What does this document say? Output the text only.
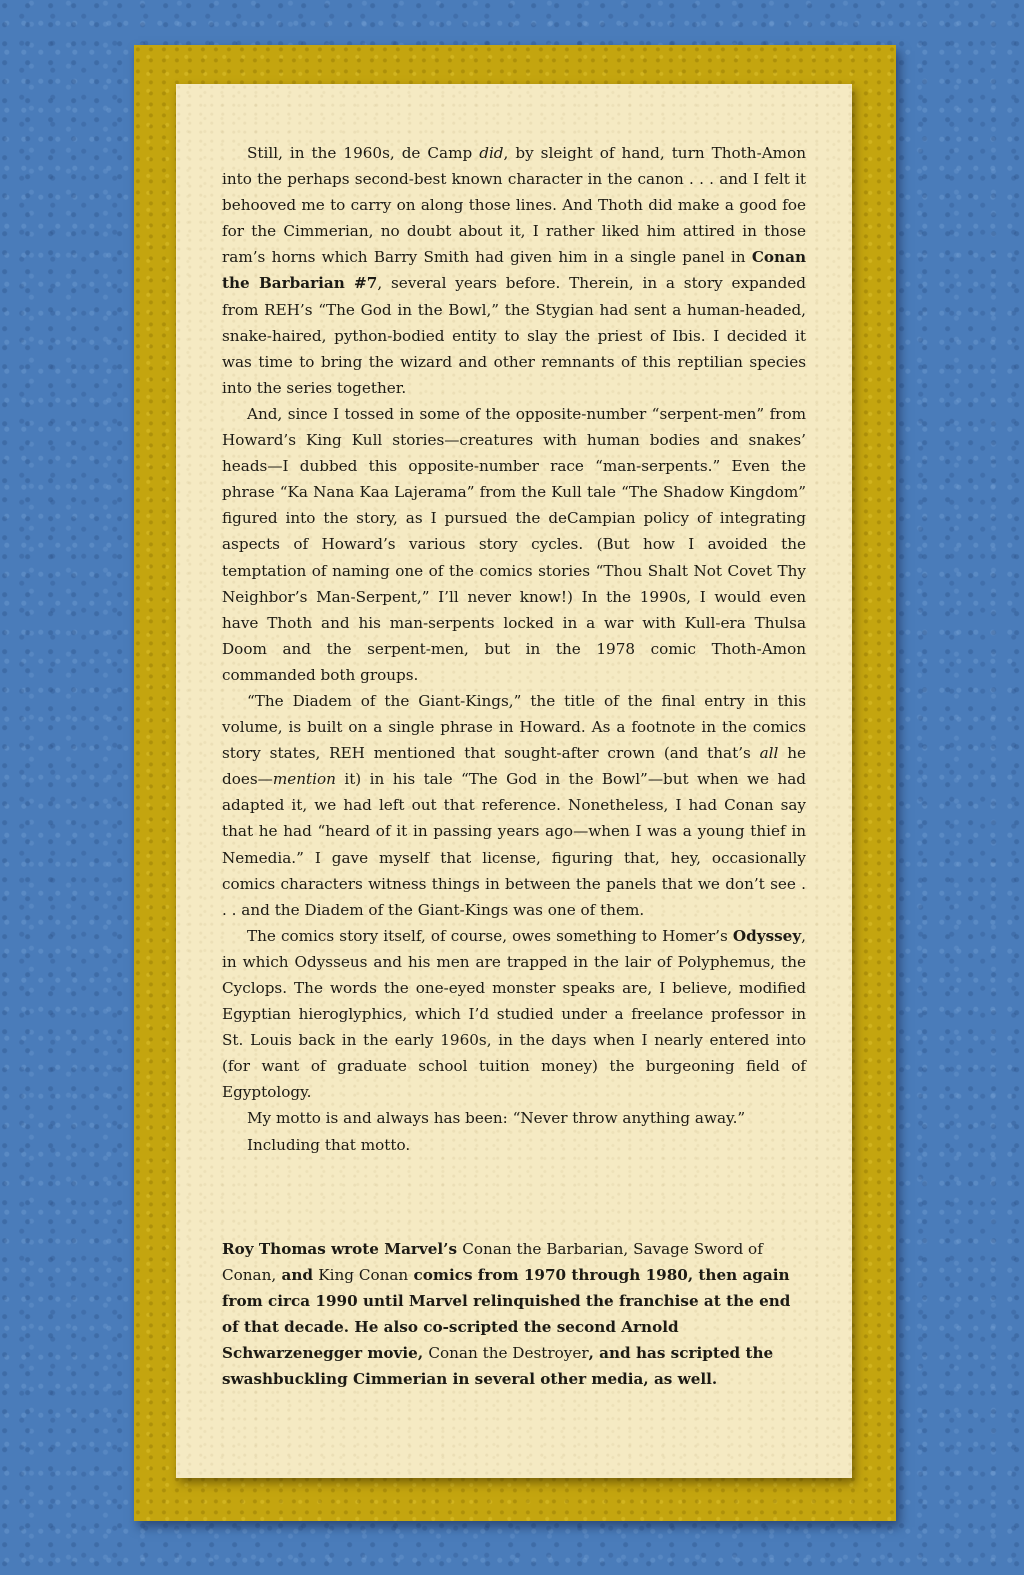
Still, in the 1960s, de Camp did, by sleight of hand, turn Thoth-Amon into the perhaps second-best known character in the canon . . . and I felt it behooved me to carry on along those lines. And Thoth did make a good foe for the Cimmerian, no doubt about it, I rather liked him attired in those ram’s horns which Barry Smith had given him in a single panel in Conan the Barbarian #7, several years before. Therein, in a story expanded from REH’s “The God in the Bowl,” the Stygian had sent a human-headed, snake-haired, python-bodied entity to slay the priest of Ibis. I decided it was time to bring the wizard and other remnants of this reptilian species into the series together.

And, since I tossed in some of the opposite-number “serpent-men” from Howard’s King Kull stories—creatures with human bodies and snakes’ heads—I dubbed this opposite-number race “man-serpents.” Even the phrase “Ka Nana Kaa Lajerama” from the Kull tale “The Shadow Kingdom” figured into the story, as I pursued the deCampian policy of integrating aspects of Howard’s various story cycles. (But how I avoided the temptation of naming one of the comics stories “Thou Shalt Not Covet Thy Neighbor’s Man-Serpent,” I’ll never know!) In the 1990s, I would even have Thoth and his man-serpents locked in a war with Kull-era Thulsa Doom and the serpent-men, but in the 1978 comic Thoth-Amon commanded both groups.

“The Diadem of the Giant-Kings,” the title of the final entry in this volume, is built on a single phrase in Howard. As a footnote in the comics story states, REH mentioned that sought-after crown (and that’s all he does—mention it) in his tale “The God in the Bowl”—but when we had adapted it, we had left out that reference. Nonetheless, I had Conan say that he had “heard of it in passing years ago—when I was a young thief in Nemedia.” I gave myself that license, figuring that, hey, occasionally comics characters witness things in between the panels that we don’t see . . . and the Diadem of the Giant-Kings was one of them.

The comics story itself, of course, owes something to Homer’s Odyssey, in which Odysseus and his men are trapped in the lair of Polyphemus, the Cyclops. The words the one-eyed monster speaks are, I believe, modified Egyptian hieroglyphics, which I’d studied under a freelance professor in St. Louis back in the early 1960s, in the days when I nearly entered into (for want of graduate school tuition money) the burgeoning field of Egyptology.

My motto is and always has been: “Never throw anything away.”

Including that motto.

Roy Thomas wrote Marvel’s Conan the Barbarian, Savage Sword of Conan, and King Conan comics from 1970 through 1980, then again from circa 1990 until Marvel relinquished the franchise at the end of that decade. He also co-scripted the second Arnold Schwarzenegger movie, Conan the Destroyer, and has scripted the swashbuckling Cimmerian in several other media, as well.
